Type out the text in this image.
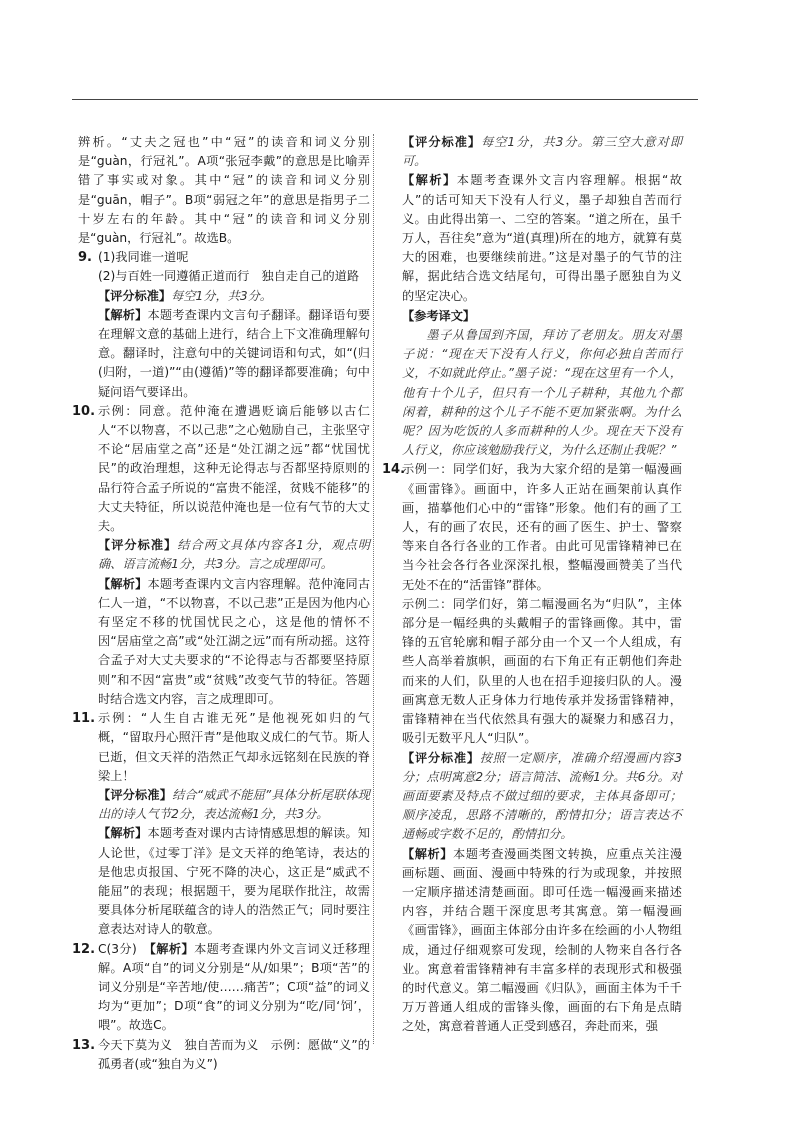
辨析。“丈夫之冠也”中“冠”的读音和词义分别是“guàn，行冠礼”。A项“张冠李戴”的意思是比喻弄错了事实或对象。其中“冠”的读音和词义分别是“guān，帽子”。B项“弱冠之年”的意思是指男子二十岁左右的年龄。其中“冠”的读音和词义分别是“guàn，行冠礼”。故选B。

9. (1)我同谁一道呢

(2)与百姓一同遵循正道而行　独自走自己的道路

【评分标准】每空1分，共3分。

【解析】本题考查课内文言句子翻译。翻译语句要在理解文意的基础上进行，结合上下文准确理解句意。翻译时，注意句中的关键词语和句式，如“(归(归附，一道)”“由(遵循)”等的翻译都要准确；句中疑问语气要译出。

10. 示例：同意。范仲淹在遭遇贬谪后能够以古仁人“不以物喜，不以己悲”之心勉励自己，主张坚守不论“居庙堂之高”还是“处江湖之远”都“忧国忧民”的政治理想，这种无论得志与否都坚持原则的品行符合孟子所说的“富贵不能淫，贫贱不能移”的大丈夫特征，所以说范仲淹也是一位有气节的大丈夫。

【评分标准】结合两文具体内容各1分，观点明确、语言流畅1分，共3分。言之成理即可。

【解析】本题考查课内文言内容理解。范仲淹同古仁人一道，“不以物喜，不以己悲”正是因为他内心有坚定不移的忧国忧民之心，这是他的情怀不因“居庙堂之高”或“处江湖之远”而有所动摇。这符合孟子对大丈夫要求的“不论得志与否都要坚持原则”和不因“富贵”或“贫贱”改变气节的特征。答题时结合选文内容，言之成理即可。

11. 示例：“人生自古谁无死”是他视死如归的气概，“留取丹心照汗青”是他取义成仁的气节。斯人已逝，但文天祥的浩然正气却永远铭刻在民族的脊梁上！

【评分标准】结合“威武不能屈”具体分析尾联体现出的诗人气节2分，表达流畅1分，共3分。

【解析】本题考查对课内古诗情感思想的解读。知人论世，《过零丁洋》是文天祥的绝笔诗，表达的是他忠贞报国、宁死不降的决心，这正是“威武不能屈”的表现；根据题干，要为尾联作批注，故需要具体分析尾联蕴含的诗人的浩然正气；同时要注意表达对诗人的敬意。

12. C(3分)　【解析】本题考查课内外文言词义迁移理解。A项“自”的词义分别是“从/如果”；B项“苦”的词义分别是“辛苦地/使……痛苦”；C项“益”的词义均为“更加”；D项“食”的词义分别为“吃/同‘饲’，喂”。故选C。

13. 今天下莫为义　独自苦而为义　示例：愿做“义”的孤勇者(或“独自为义”)

【评分标准】每空1分，共3分。第三空大意对即可。

【解析】本题考查课外文言内容理解。根据“故人”的话可知天下没有人行义，墨子却独自苦而行义。由此得出第一、二空的答案。“道之所在，虽千万人，吾往矣”意为“道(真理)所在的地方，就算有莫大的困难，也要继续前进。”这是对墨子的气节的注解，据此结合选文结尾句，可得出墨子愿独自为义的坚定决心。

【参考译文】

墨子从鲁国到齐国，拜访了老朋友。朋友对墨子说：“现在天下没有人行义，你何必独自苦而行义，不如就此停止。”墨子说：“现在这里有一个人，他有十个儿子，但只有一个儿子耕种，其他九个都闲着，耕种的这个儿子不能不更加紧张啊。为什么呢？因为吃饭的人多而耕种的人少。现在天下没有人行义，你应该勉励我行义，为什么还制止我呢？”

14.

示例一：同学们好，我为大家介绍的是第一幅漫画《画雷锋》。画面中，许多人正站在画架前认真作画，描摹他们心中的“雷锋”形象。他们有的画了工人，有的画了农民，还有的画了医生、护士、警察等来自各行各业的工作者。由此可见雷锋精神已在当今社会各行各业深深扎根，整幅漫画赞美了当代无处不在的“活雷锋”群体。

示例二：同学们好，第二幅漫画名为“归队”，主体部分是一幅经典的头戴帽子的雷锋画像。其中，雷锋的五官轮廓和帽子部分由一个又一个人组成，有些人高举着旗帜，画面的右下角正有正朝他们奔赴而来的人们，队里的人也在招手迎接归队的人。漫画寓意无数人正身体力行地传承并发扬雷锋精神，雷锋精神在当代依然具有强大的凝聚力和感召力，吸引无数平凡人“归队”。

【评分标准】按照一定顺序，准确介绍漫画内容3分；点明寓意2分；语言简洁、流畅1分。共6分。对画面要素及特点不做过细的要求，主体具备即可；顺序凌乱，思路不清晰的，酌情扣分；语言表达不通畅或字数不足的，酌情扣分。

【解析】本题考查漫画类图文转换，应重点关注漫画标题、画面、漫画中特殊的行为或现象，并按照一定顺序描述清楚画面。即可任选一幅漫画来描述内容，并结合题干深度思考其寓意。第一幅漫画《画雷锋》，画面主体部分由许多在绘画的小人物组成，通过仔细观察可发现，绘制的人物来自各行各业。寓意着雷锋精神有丰富多样的表现形式和极强的时代意义。第二幅漫画《归队》，画面主体为千千万万普通人组成的雷锋头像，画面的右下角是点睛之处，寓意着普通人正受到感召，奔赴而来，强
